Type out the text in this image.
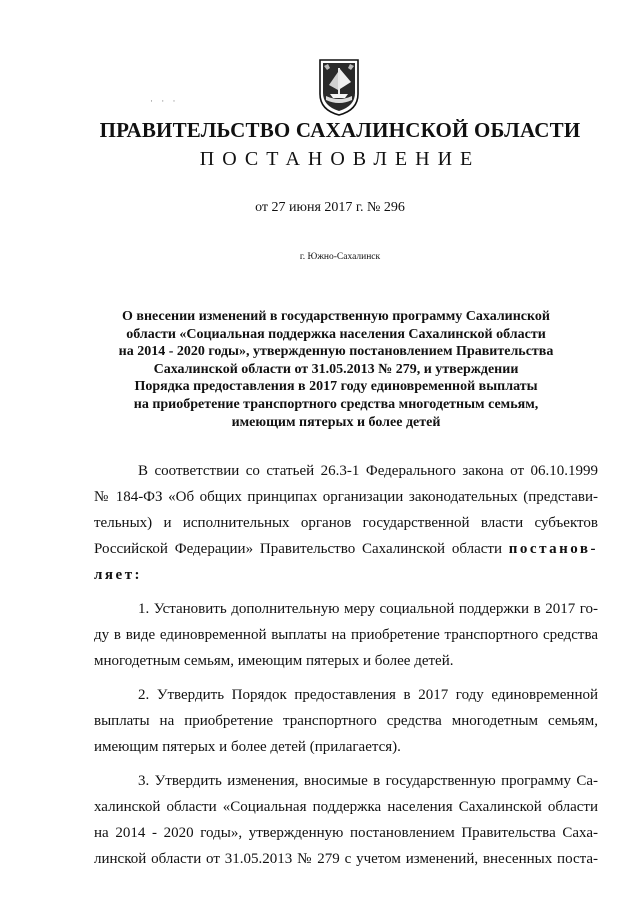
· · ·
ПРАВИТЕЛЬСТВО САХАЛИНСКОЙ ОБЛАСТИ
ПОСТАНОВЛЕНИЕ
от 27 июня 2017 г. № 296
г. Южно-Сахалинск
О внесении изменений в государственную программу Сахалинской
области «Социальная поддержка населения Сахалинской области
на 2014 - 2020 годы», утвержденную постановлением Правительства
Сахалинской области от 31.05.2013 № 279, и утверждении
Порядка предоставления в 2017 году единовременной выплаты
на приобретение транспортного средства многодетным семьям,
имеющим пятерых и более детей
В соответствии со статьей 26.3-1 Федерального закона от 06.10.1999
№ 184-ФЗ «Об общих принципах организации законодательных (представи-
тельных) и исполнительных органов государственной власти субъектов
Российской Федерации» Правительство Сахалинской области постанов-
ляет:
1. Установить дополнительную меру социальной поддержки в 2017 го-
ду в виде единовременной выплаты на приобретение транспортного средства
многодетным семьям, имеющим пятерых и более детей.
2. Утвердить Порядок предоставления в 2017 году единовременной
выплаты на приобретение транспортного средства многодетным семьям,
имеющим пятерых и более детей (прилагается).
3. Утвердить изменения, вносимые в государственную программу Са-
халинской области «Социальная поддержка населения Сахалинской области
на 2014 - 2020 годы», утвержденную постановлением Правительства Саха-
линской области от 31.05.2013 № 279 с учетом изменений, внесенных поста-
